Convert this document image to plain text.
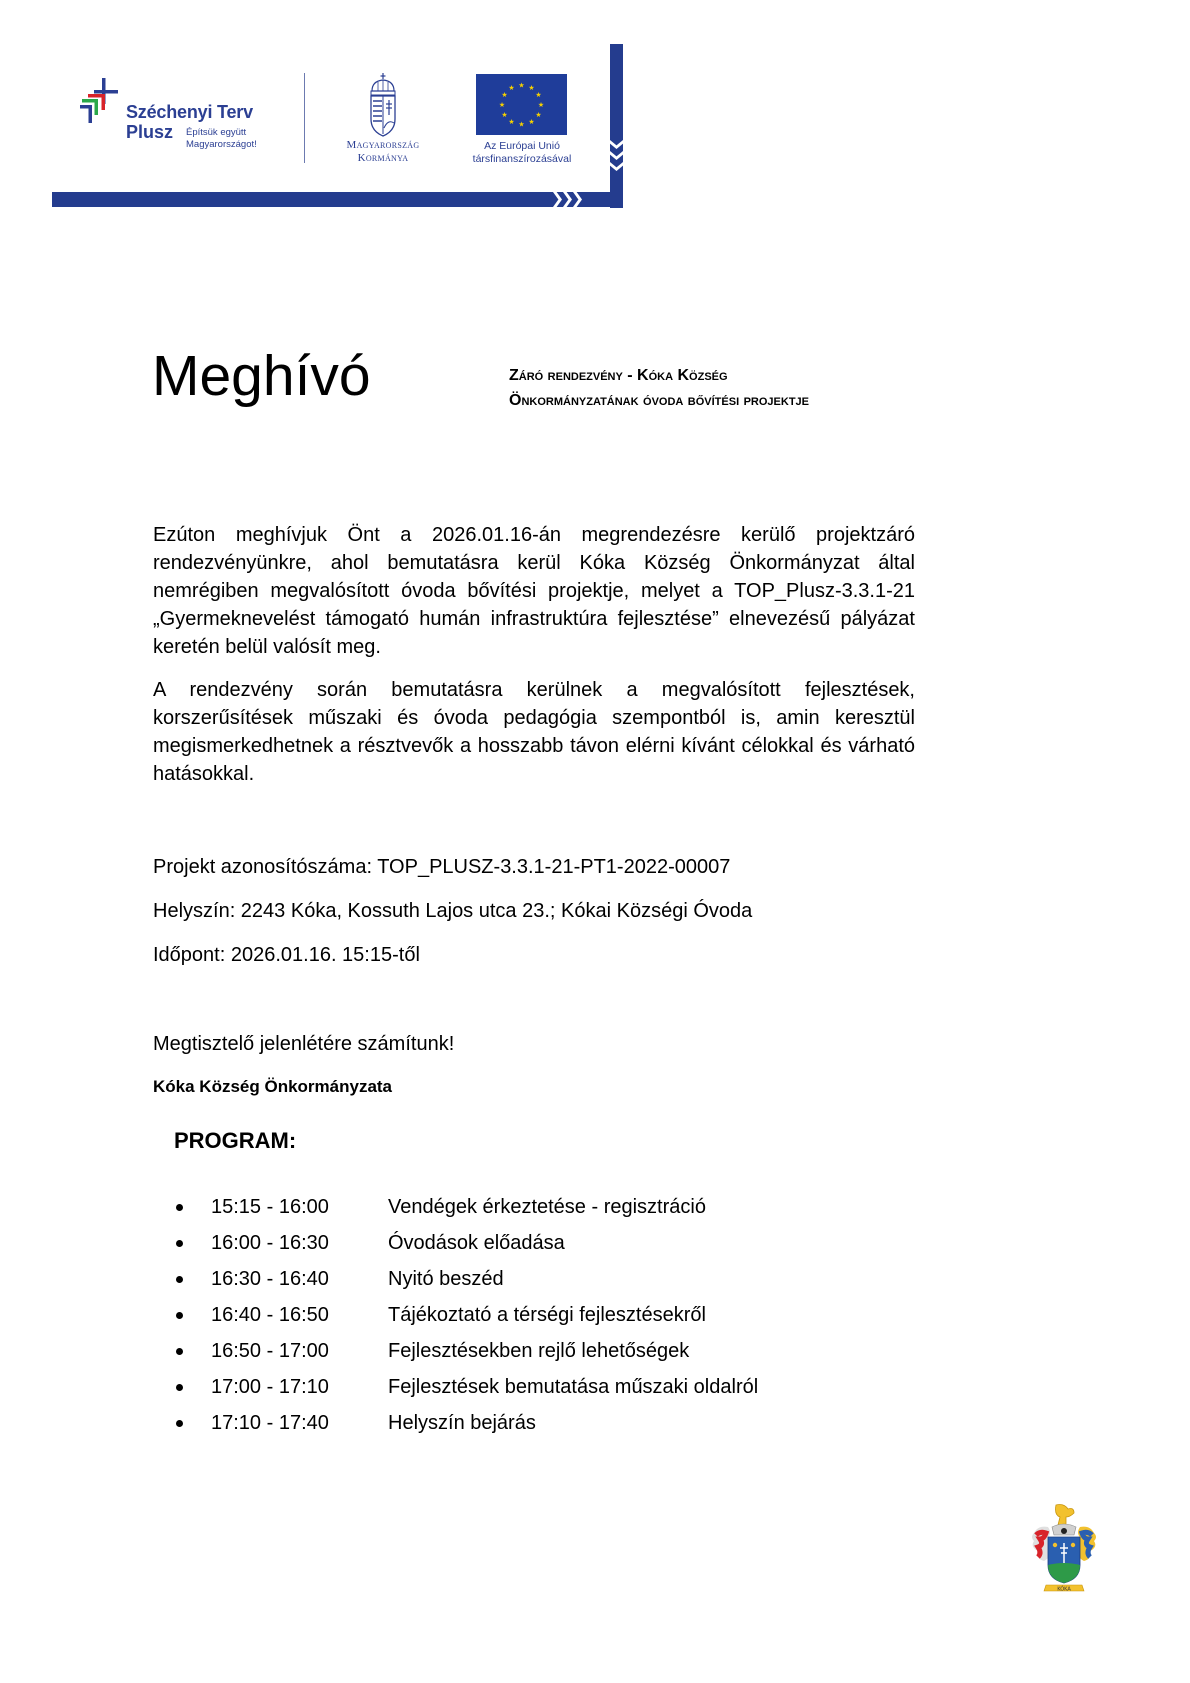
Széchenyi Terv
Plusz Építsük együtt
Magyarországot!	Magyarország
Kormánya
★ ★
★
★
★
★
★
★
★
★
★
★
Az Európai Unió
társfinanszírozásával
Meghívó	Záró rendezvény - Kóka Község
Önkormányzatának óvoda bővítési projektje

Ezúton meghívjuk Önt a 2026.01.16-án megrendezésre kerülő projektzáró rendezvényünkre, ahol bemutatásra kerül Kóka Község Önkormányzat által nemrégiben megvalósított óvoda bővítési projektje, melyet a TOP_Plusz-3.3.1-21 „Gyermeknevelést támogató humán infrastruktúra fejlesztése” elnevezésű pályázat keretén belül valósít meg.

A rendezvény során bemutatásra kerülnek a megvalósított fejlesztések, korszerűsítések műszaki és óvoda pedagógia szempontból is, amin keresztül megismerkedhetnek a résztvevők a hosszabb távon elérni kívánt célokkal és várható hatásokkal.

Projekt azonosítószáma: TOP_PLUSZ-3.3.1-21-PT1-2022-00007
Helyszín: 2243 Kóka, Kossuth Lajos utca 23.; Kókai Községi Óvoda
Időpont: 2026.01.16. 15:15-től
Megtisztelő jelenlétére számítunk!
Kóka Község Önkormányzata
PROGRAM:
15:15 - 16:00	Vendégek érkeztetése - regisztráció
16:00 - 16:30	Óvodások előadása
16:30 - 16:40	Nyitó beszéd
16:40 - 16:50	Tájékoztató a térségi fejlesztésekről
16:50 - 17:00	Fejlesztésekben rejlő lehetőségek
17:00 - 17:10	Fejlesztések bemutatása műszaki oldalról
17:10 - 17:40	Helyszín bejárás
KÓKA
